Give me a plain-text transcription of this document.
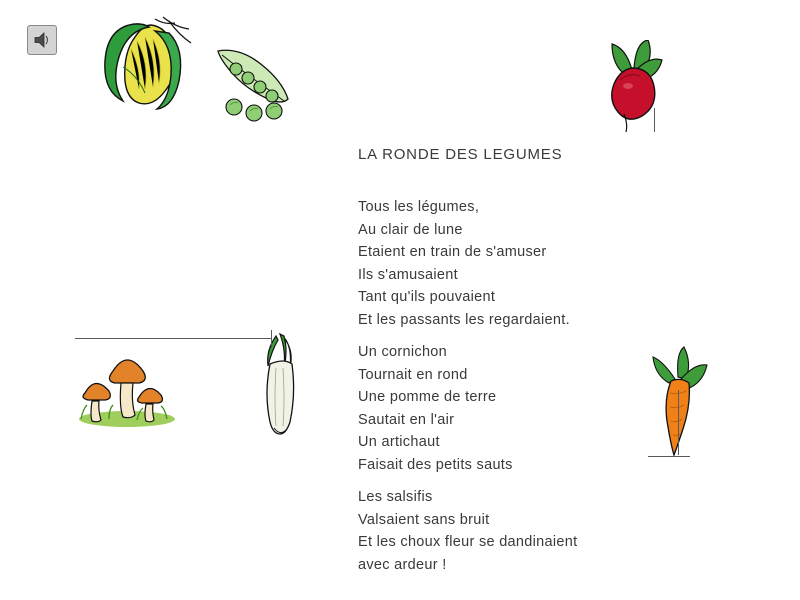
LA RONDE DES LEGUMES
Tous les légumes,
Au clair de lune
Etaient en train de s'amuser
Ils s'amusaient
Tant qu'ils pouvaient
Et les passants les regardaient.
Un cornichon
Tournait en rond
Une pomme de terre
Sautait en l'air
Un artichaut
Faisait des petits sauts
Les salsifis
Valsaient sans bruit
Et les choux fleur se dandinaient
avec ardeur !
